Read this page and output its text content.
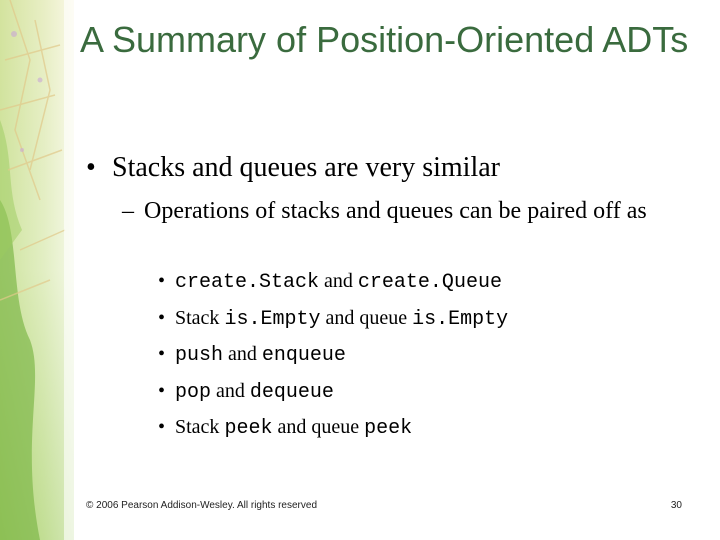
A Summary of Position-Oriented ADTs
• Stacks and queues are very similar
– Operations of stacks and queues can be paired off as
• create.Stack and create.Queue
• Stack is.Empty and queue is.Empty
• push and enqueue
• pop and dequeue
• Stack peek and queue peek
© 2006 Pearson Addison-Wesley. All rights reserved	30
